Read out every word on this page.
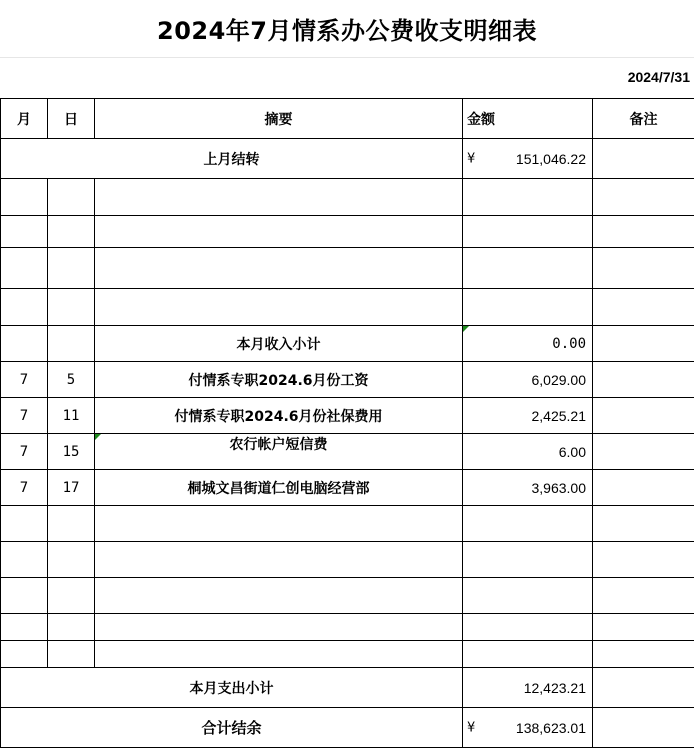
2024年7月情系办公费收支明细表
2024/7/31
月	日	摘要	金额	备注
上月结转			¥ 151,046.22	

		本月收入小计	0.00	
7	5	付情系专职2024.6月份工资	6,029.00	
7	11	付情系专职2024.6月份社保费用	2,425.21	
7	15	农行帐户短信费	6.00	
7	17	桐城文昌街道仁创电脑经营部	3,963.00	

本月支出小计			12,423.21	
合计结余			¥ 138,623.01	
